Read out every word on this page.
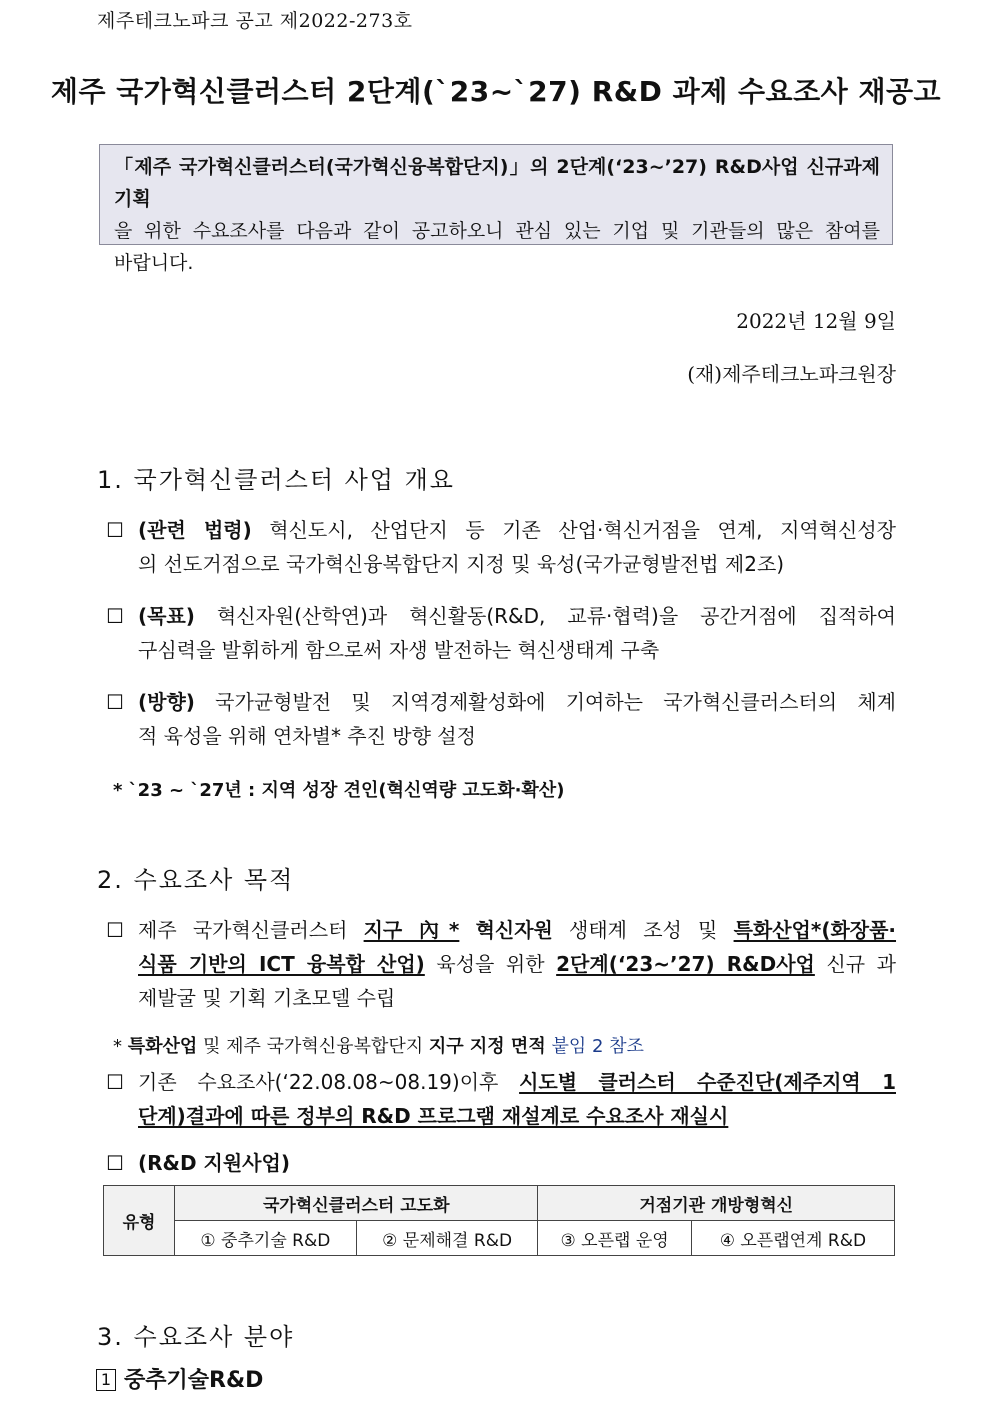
제주테크노파크 공고 제2022-273호
제주 국가혁신클러스터 2단계(`23~`27) R&D 과제 수요조사 재공고
「제주 국가혁신클러스터(국가혁신융복합단지)」의 2단계(‘23~’27) R&D사업 신규과제 기획
을 위한 수요조사를 다음과 같이 공고하오니 관심 있는 기업 및 기관들의 많은 참여를
바랍니다.
2022년 12월 9일
(재)제주테크노파크원장
1. 국가혁신클러스터 사업 개요
☐ (관련 법령) 혁신도시, 산업단지 등 기존 산업·혁신거점을 연계, 지역혁신성장
의 선도거점으로 국가혁신융복합단지 지정 및 육성(국가균형발전법 제2조)
☐ (목표) 혁신자원(산학연)과 혁신활동(R&D, 교류·협력)을 공간거점에 집적하여
구심력을 발휘하게 함으로써 자생 발전하는 혁신생태계 구축
☐ (방향) 국가균형발전 및 지역경제활성화에 기여하는 국가혁신클러스터의 체계
적 육성을 위해 연차별* 추진 방향 설정
* `23 ~ `27년 : 지역 성장 견인(혁신역량 고도화·확산)
2. 수요조사 목적
☐ 제주 국가혁신클러스터 지구 內* 혁신자원 생태계 조성 및 특화산업*(화장품·
식품 기반의 ICT 융복합 산업) 육성을 위한 2단계(‘23~’27) R&D사업 신규 과
제발굴 및 기획 기초모델 수립
* 특화산업 및 제주 국가혁신융복합단지 지구 지정 면적 붙임 2 참조
☐ 기존 수요조사(‘22.08.08~08.19)이후 시도별 클러스터 수준진단(제주지역 1
단계)결과에 따른 정부의 R&D 프로그램 재설계로 수요조사 재실시
☐ (R&D 지원사업)
유형	국가혁신클러스터 고도화		거점기관 개방형혁신	
	① 중추기술 R&D	② 문제해결 R&D	③ 오픈랩 운영	④ 오픈랩연계 R&D
3. 수요조사 분야
1 중추기술R&D
